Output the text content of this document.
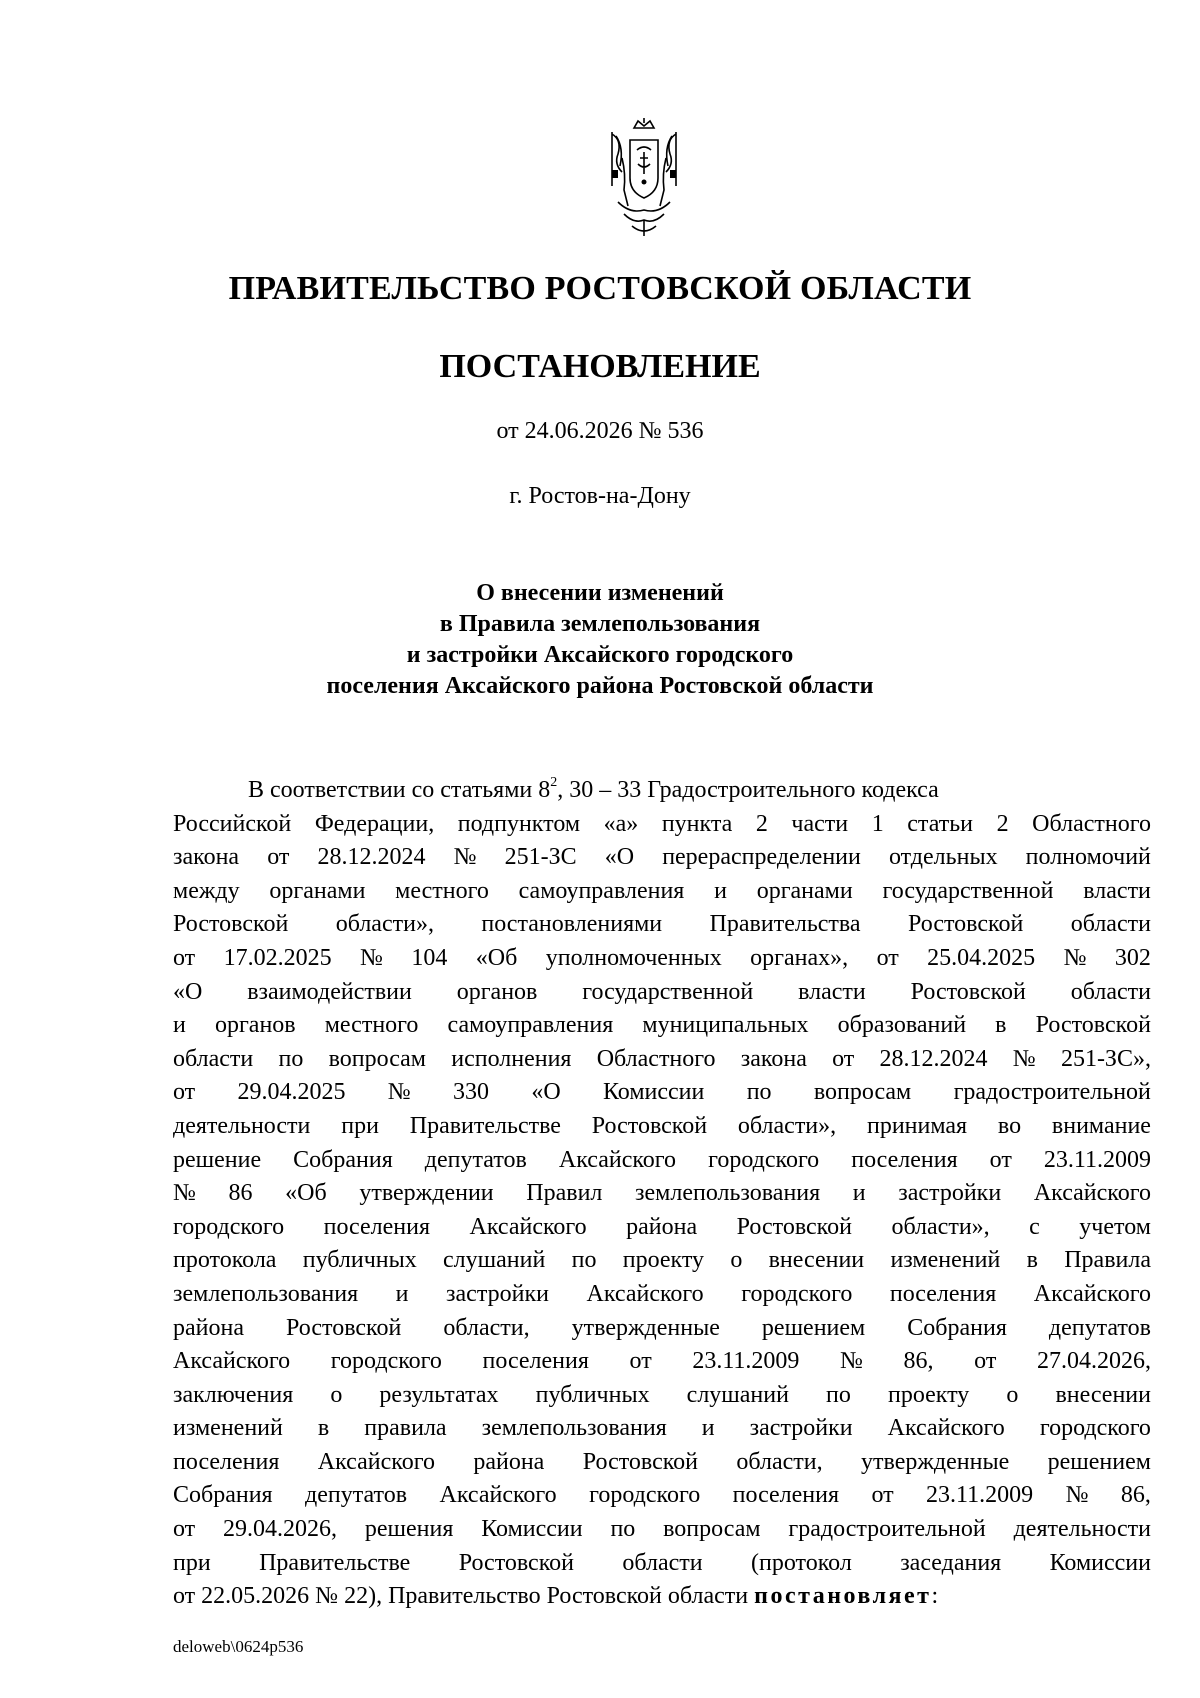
ПРАВИТЕЛЬСТВО РОСТОВСКОЙ ОБЛАСТИ
ПОСТАНОВЛЕНИЕ
от 24.06.2026 № 536
г. Ростов-на-Дону
О внесении изменений
в Правила землепользования
и застройки Аксайского городского
поселения Аксайского района Ростовской области
В соответствии со статьями $8^2$, 30 – 33 Градостроительного кодекса
Российской Федерации, подпунктом «а» пункта 2 части 1 статьи 2 Областного
закона от 28.12.2024 № 251-ЗС «О перераспределении отдельных полномочий
между органами местного самоуправления и органами государственной власти
Ростовской области», постановлениями Правительства Ростовской области
от 17.02.2025 № 104 «Об уполномоченных органах», от 25.04.2025 № 302
«О взаимодействии органов государственной власти Ростовской области
и органов местного самоуправления муниципальных образований в Ростовской
области по вопросам исполнения Областного закона от 28.12.2024 № 251-ЗС»,
от 29.04.2025 № 330 «О Комиссии по вопросам градостроительной
деятельности при Правительстве Ростовской области», принимая во внимание
решение Собрания депутатов Аксайского городского поселения от 23.11.2009
№ 86 «Об утверждении Правил землепользования и застройки Аксайского
городского поселения Аксайского района Ростовской области», с учетом
протокола публичных слушаний по проекту о внесении изменений в Правила
землепользования и застройки Аксайского городского поселения Аксайского
района Ростовской области, утвержденные решением Собрания депутатов
Аксайского городского поселения от 23.11.2009 № 86, от 27.04.2026,
заключения о результатах публичных слушаний по проекту о внесении
изменений в правила землепользования и застройки Аксайского городского
поселения Аксайского района Ростовской области, утвержденные решением
Собрания депутатов Аксайского городского поселения от 23.11.2009 № 86,
от 29.04.2026, решения Комиссии по вопросам градостроительной деятельности
при Правительстве Ростовской области (протокол заседания Комиссии
от 22.05.2026 № 22), Правительство Ростовской области постановляет:
deloweb\0624p536
